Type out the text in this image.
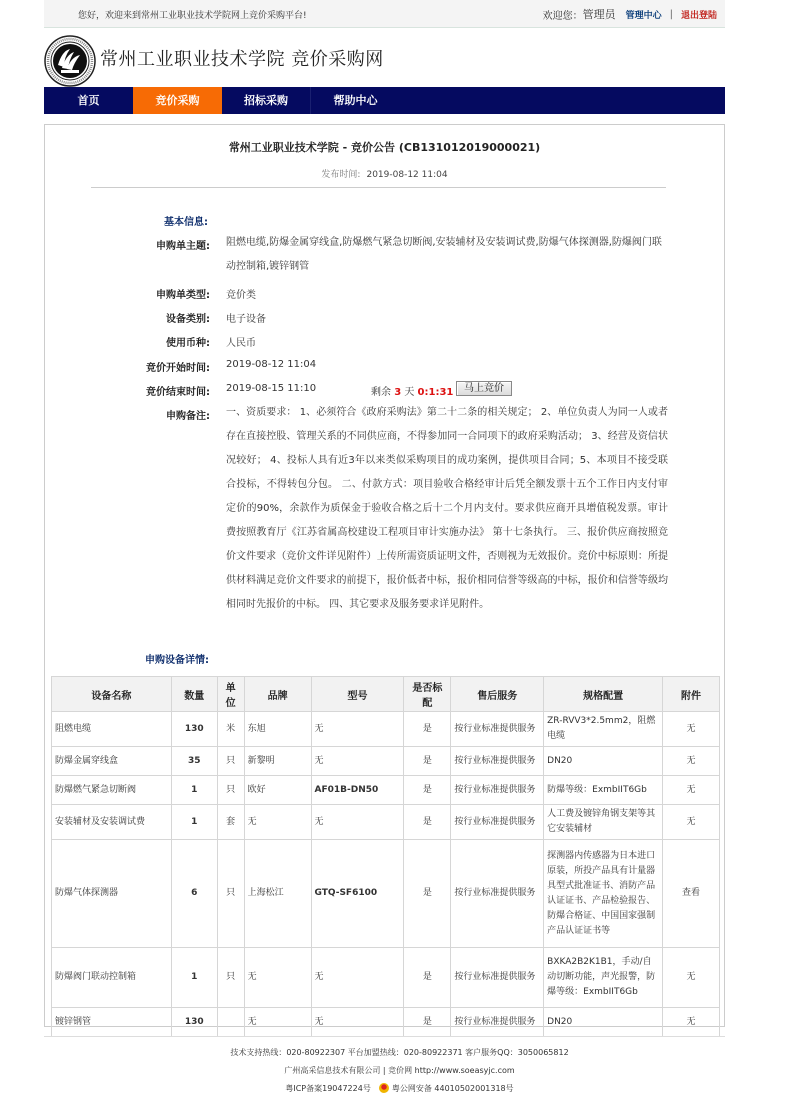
您好，欢迎来到常州工业职业技术学院网上竞价采购平台!	欢迎您： 管理员 管理中心 | 退出登陆
常州工业职业技术学院 竞价采购网
首页	竞价采购	招标采购	帮助中心
常州工业职业技术学院 - 竞价公告 (CB131012019000021)
发布时间: 2019-08-12 11:04
基本信息:
申购单主题: 阻燃电缆,防爆金属穿线盒,防爆燃气紧急切断阀,安装辅材及安装调试费,防爆气体探测器,防爆阀门联动控制箱,镀锌钢管
申购单类型: 竞价类
设备类别: 电子设备
使用币种: 人民币
竞价开始时间: 2019-08-12 11:04
竞价结束时间: 2019-08-15 11:10	剩余 3 天 0:1:31	马上竞价
申购备注: 一、资质要求： 1、必须符合《政府采购法》第二十二条的相关规定； 2、单位负责人为同一人或者存在直接控股、管理关系的不同供应商，不得参加同一合同项下的政府采购活动； 3、经营及资信状况较好； 4、投标人具有近3年以来类似采购项目的成功案例，提供项目合同；5、本项目不接受联合投标，不得转包分包。 二、付款方式：项目验收合格经审计后凭全额发票十五个工作日内支付审定价的90%，余款作为质保金于验收合格之后十二个月内支付。要求供应商开具增值税发票。审计费按照教育厅《江苏省属高校建设工程项目审计实施办法》 第十七条执行。 三、报价供应商按照竞价文件要求（竞价文件详见附件）上传所需资质证明文件，否则视为无效报价。竞价中标原则：所提供材料满足竞价文件要求的前提下，报价低者中标，报价相同信誉等级高的中标，报价和信誉等级均相同时先报价的中标。 四、其它要求及服务要求详见附件。
申购设备详情:
设备名称	数量	单位	品牌	型号	是否标配	售后服务	规格配置	附件
阻燃电缆	130	米	东旭	无	是	按行业标准提供服务	ZR-RVV3*2.5mm2，阻燃电缆	无
防爆金属穿线盒	35	只	新黎明	无	是	按行业标准提供服务	DN20	无
防爆燃气紧急切断阀	1	只	欧好	AF01B-DN50	是	按行业标准提供服务	防爆等级：ExmbIIT6Gb	无
安装辅材及安装调试费	1	套	无	无	是	按行业标准提供服务	人工费及镀锌角钢支架等其它安装辅材	无
防爆气体探测器	6	只	上海松江	GTQ-SF6100	是	按行业标准提供服务	探测器内传感器为日本进口原装，所投产品具有计量器具型式批准证书、消防产品认证证书、产品检验报告、防爆合格证、中国国家强制产品认证证书等	查看
防爆阀门联动控制箱	1	只	无	无	是	按行业标准提供服务	BXKA2B2K1B1，手动/自动切断功能，声光报警，防爆等级：ExmbIIT6Gb	无
镀锌钢管	130		无	无	是	按行业标准提供服务	DN20	无
技术支持热线：020-80922307 平台加盟热线：020-80922371 客户服务QQ：3050065812
广州高采信息技术有限公司 | 竞价网 http://www.soeasyjc.com
粤ICP备案19047224号	粤公网安备 44010502001318号
